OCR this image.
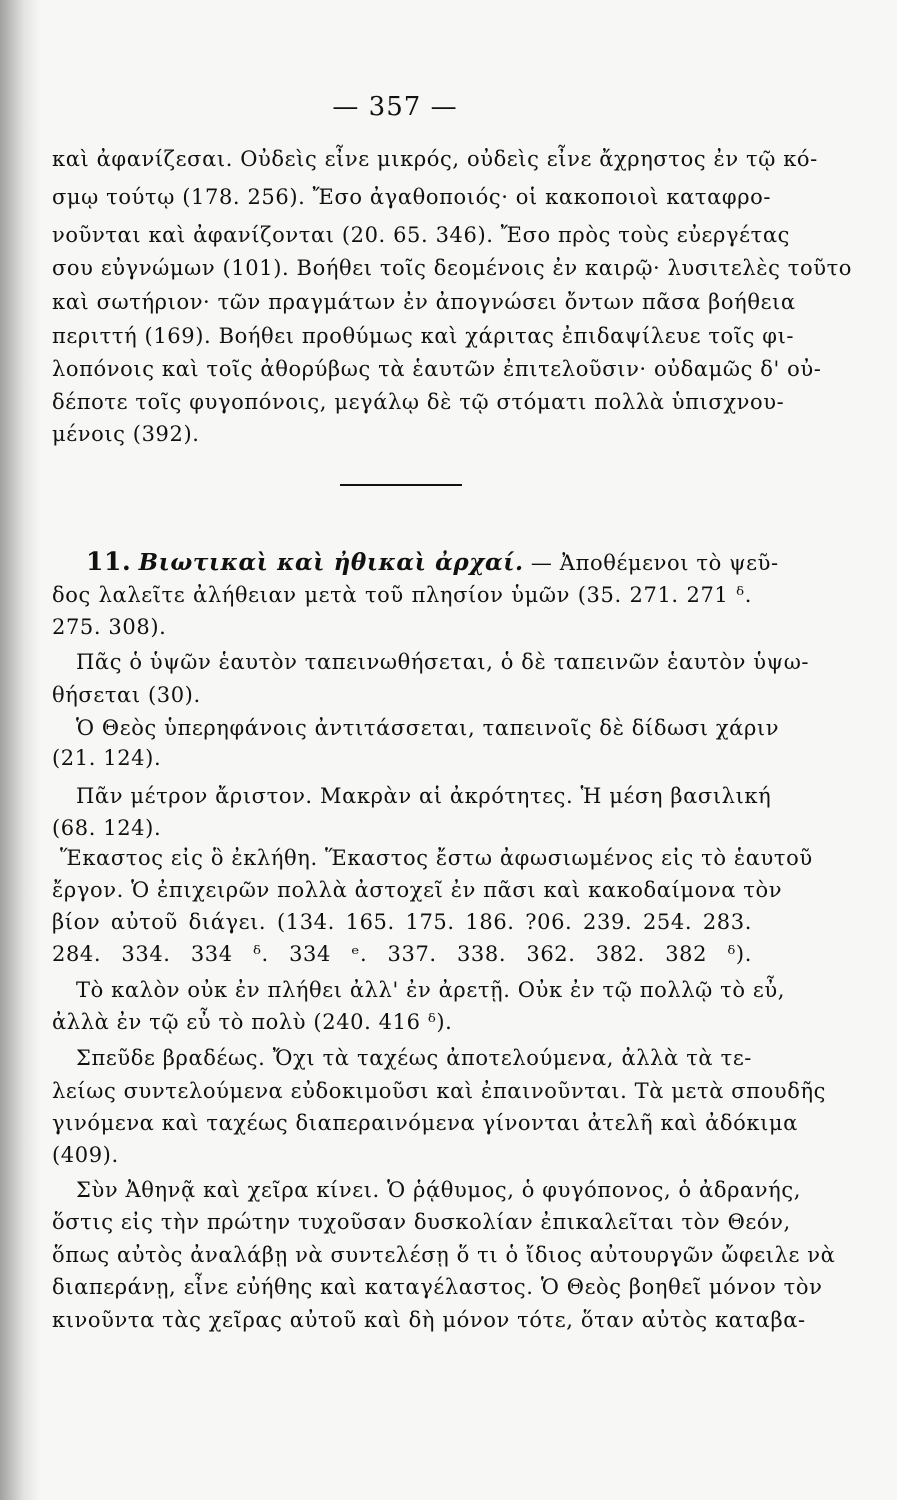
— 357 —
καὶ ἀφανίζεσαι. Οὐδεὶς εἶνε μικρός, οὐδεὶς εἶνε ἄχρηστος ἐν τῷ κό-
σμῳ τούτῳ (178. 256). Ἔσο ἀγαθοποιός· οἱ κακοποιοὶ καταφρο-
νοῦνται καὶ ἀφανίζονται (20. 65. 346). Ἔσο πρὸς τοὺς εὐεργέτας
σου εὐγνώμων (101). Βοήθει τοῖς δεομένοις ἐν καιρῷ· λυσιτελὲς τοῦτο
καὶ σωτήριον· τῶν πραγμάτων ἐν ἀπογνώσει ὄντων πᾶσα βοήθεια
περιττή (169). Βοήθει προθύμως καὶ χάριτας ἐπιδαψίλευε τοῖς φι-
λοπόνοις καὶ τοῖς ἀθορύβως τὰ ἑαυτῶν ἐπιτελοῦσιν· οὐδαμῶς δ' οὐ-
δέποτε τοῖς φυγοπόνοις, μεγάλῳ δὲ τῷ στόματι πολλὰ ὑπισχνου-
μένοις (392).
11. Βιωτικαὶ καὶ ἠθικαὶ ἀρχαί. — Ἀποθέμενοι τὸ ψεῦ-
δος λαλεῖτε ἀλήθειαν μετὰ τοῦ πλησίον ὑμῶν (35. 271. 271 ᵟ.
275. 308).
Πᾶς ὁ ὑψῶν ἑαυτὸν ταπεινωθήσεται, ὁ δὲ ταπεινῶν ἑαυτὸν ὑψω-
θήσεται (30).
Ὁ Θεὸς ὑπερηφάνοις ἀντιτάσσεται, ταπεινοῖς δὲ δίδωσι χάριν
(21. 124).
Πᾶν μέτρον ἄριστον. Μακρὰν αἱ ἀκρότητες. Ἡ μέση βασιλική
(68. 124).
Ἕκαστος εἰς ὃ ἐκλήθη. Ἕκαστος ἔστω ἀφωσιωμένος εἰς τὸ ἑαυτοῦ
ἔργον. Ὁ ἐπιχειρῶν πολλὰ ἀστοχεῖ ἐν πᾶσι καὶ κακοδαίμονα τὸν
βίον αὐτοῦ διάγει. (134. 165. 175. 186. ?06. 239. 254. 283.
284. 334. 334 ᵟ. 334 ᵉ. 337. 338. 362. 382. 382 ᵟ).
Τὸ καλὸν οὐκ ἐν πλήθει ἀλλ' ἐν ἀρετῇ. Οὐκ ἐν τῷ πολλῷ τὸ εὖ,
ἀλλὰ ἐν τῷ εὖ τὸ πολὺ (240. 416 ᵟ).
Σπεῦδε βραδέως. Ὄχι τὰ ταχέως ἀποτελούμενα, ἀλλὰ τὰ τε-
λείως συντελούμενα εὐδοκιμοῦσι καὶ ἐπαινοῦνται. Τὰ μετὰ σπουδῆς
γινόμενα καὶ ταχέως διαπεραινόμενα γίνονται ἀτελῆ καὶ ἀδόκιμα
(409).
Σὺν Ἀθηνᾷ καὶ χεῖρα κίνει. Ὁ ῥᾴθυμος, ὁ φυγόπονος, ὁ ἀδρανής,
ὅστις εἰς τὴν πρώτην τυχοῦσαν δυσκολίαν ἐπικαλεῖται τὸν Θεόν,
ὅπως αὐτὸς ἀναλάβῃ νὰ συντελέσῃ ὅ τι ὁ ἴδιος αὐτουργῶν ὤφειλε νὰ
διαπεράνῃ, εἶνε εὐήθης καὶ καταγέλαστος. Ὁ Θεὸς βοηθεῖ μόνον τὸν
κινοῦντα τὰς χεῖρας αὐτοῦ καὶ δὴ μόνον τότε, ὅταν αὐτὸς καταβα-
